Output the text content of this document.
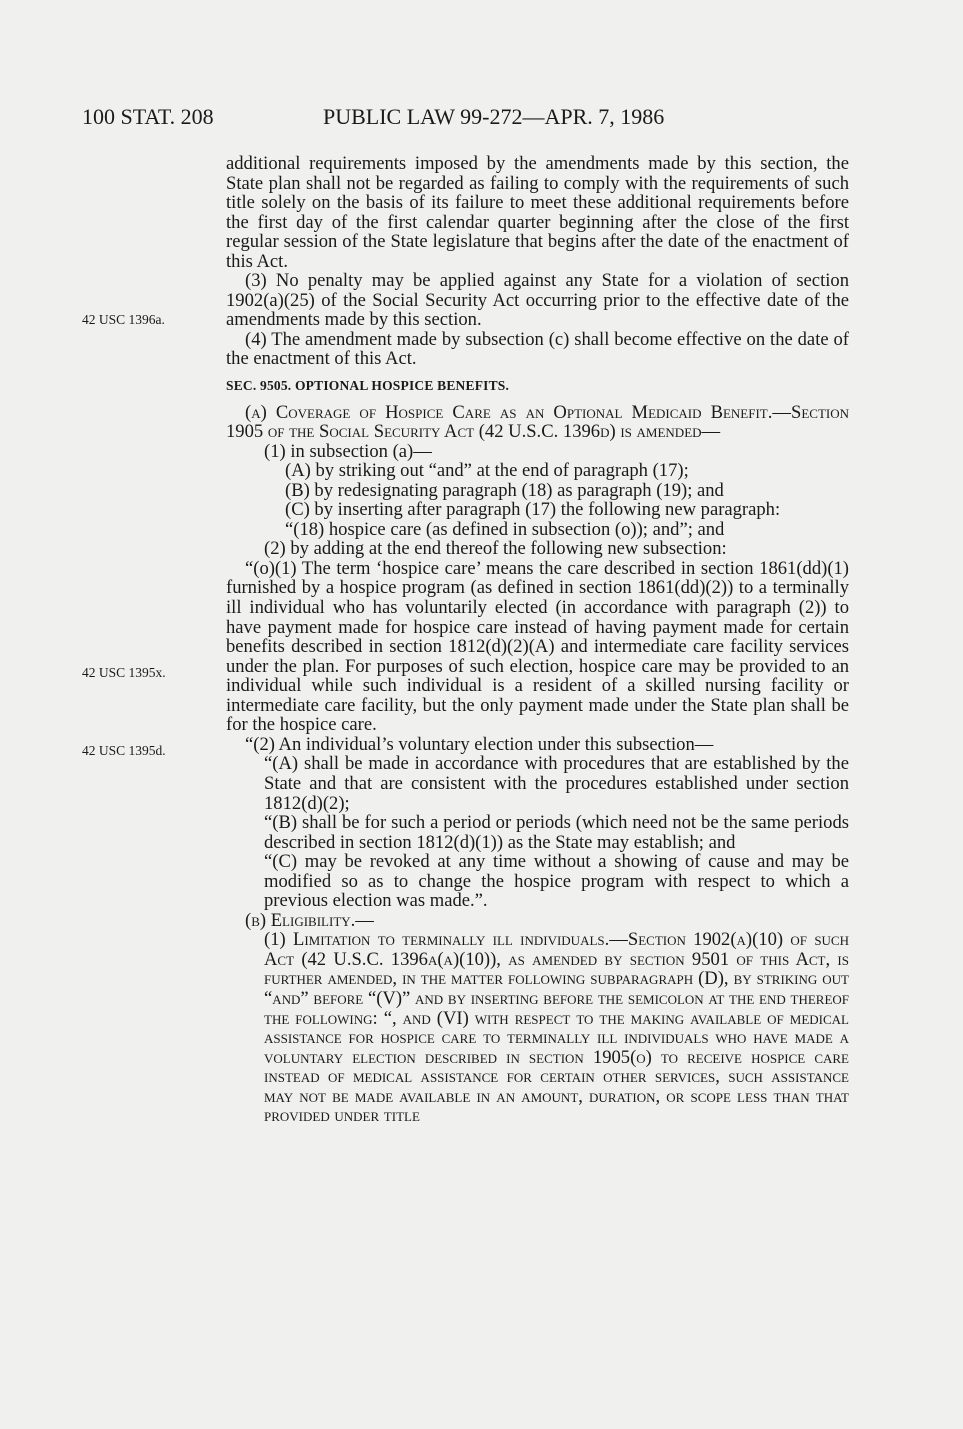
100 STAT. 208	PUBLIC LAW 99-272—APR. 7, 1986
42 USC 1396a.
42 USC 1395x.
42 USC 1395d.

additional requirements imposed by the amendments made by this section, the State plan shall not be regarded as failing to comply with the requirements of such title solely on the basis of its failure to meet these additional requirements before the first day of the first calendar quarter beginning after the close of the first regular session of the State legislature that begins after the date of the enactment of this Act.

(3) No penalty may be applied against any State for a violation of section 1902(a)(25) of the Social Security Act occurring prior to the effective date of the amendments made by this section.

(4) The amendment made by subsection (c) shall become effective on the date of the enactment of this Act.

SEC. 9505. OPTIONAL HOSPICE BENEFITS.

(a) Coverage of Hospice Care as an Optional Medicaid Benefit.—Section 1905 of the Social Security Act (42 U.S.C. 1396d) is amended—

(1) in subsection (a)—

(A) by striking out “and” at the end of paragraph (17);

(B) by redesignating paragraph (18) as paragraph (19); and

(C) by inserting after paragraph (17) the following new paragraph:

“(18) hospice care (as defined in subsection (o)); and”; and

(2) by adding at the end thereof the following new subsection:

“(o)(1) The term ‘hospice care’ means the care described in section 1861(dd)(1) furnished by a hospice program (as defined in section 1861(dd)(2)) to a terminally ill individual who has voluntarily elected (in accordance with paragraph (2)) to have payment made for hospice care instead of having payment made for certain benefits described in section 1812(d)(2)(A) and intermediate care facility services under the plan. For purposes of such election, hospice care may be provided to an individual while such individual is a resident of a skilled nursing facility or intermediate care facility, but the only payment made under the State plan shall be for the hospice care.

“(2) An individual’s voluntary election under this subsection—

“(A) shall be made in accordance with procedures that are established by the State and that are consistent with the procedures established under section 1812(d)(2);

“(B) shall be for such a period or periods (which need not be the same periods described in section 1812(d)(1)) as the State may establish; and

“(C) may be revoked at any time without a showing of cause and may be modified so as to change the hospice program with respect to which a previous election was made.”.

(b) Eligibility.—

(1) Limitation to terminally ill individuals.—Section 1902(a)(10) of such Act (42 U.S.C. 1396a(a)(10)), as amended by section 9501 of this Act, is further amended, in the matter following subparagraph (D), by striking out “and” before “(V)” and by inserting before the semicolon at the end thereof the following: “, and (VI) with respect to the making available of medical assistance for hospice care to terminally ill individuals who have made a voluntary election described in section 1905(o) to receive hospice care instead of medical assistance for certain other services, such assistance may not be made available in an amount, duration, or scope less than that provided under title
